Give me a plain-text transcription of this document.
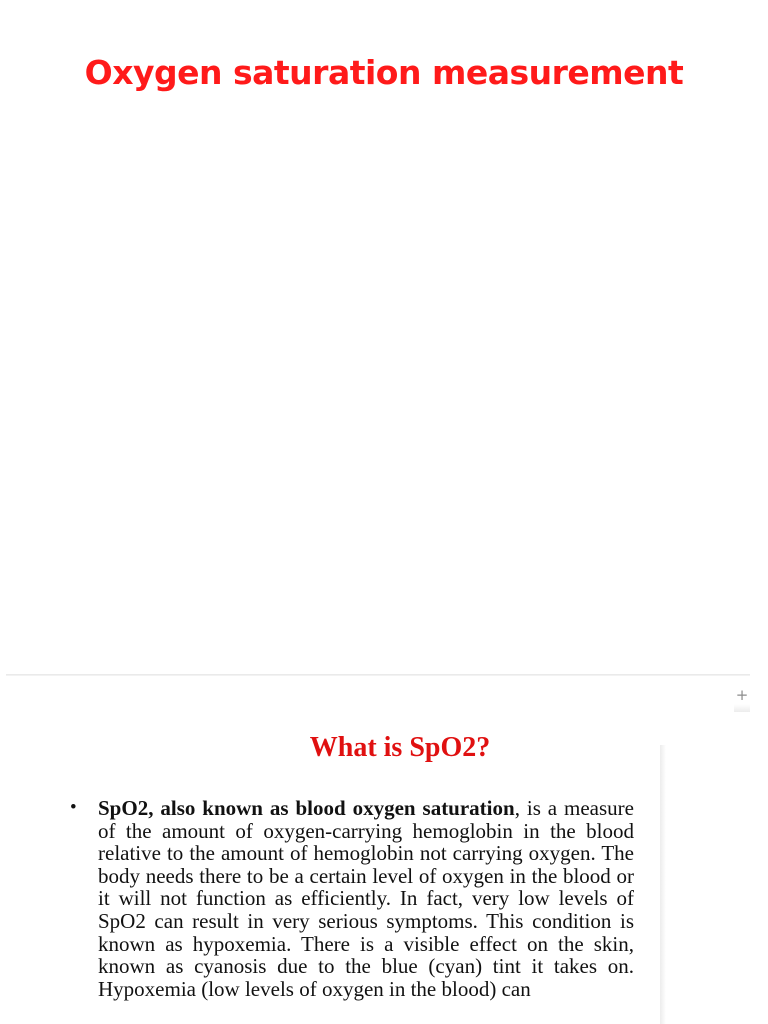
Oxygen saturation measurement
+
What is SpO2?
• SpO2, also known as blood oxygen saturation, is a measure of the amount of oxygen-carrying hemoglobin in the blood relative to the amount of hemoglobin not carrying oxygen. The body needs there to be a certain level of oxygen in the blood or it will not function as efficiently. In fact, very low levels of SpO2 can result in very serious symptoms. This condition is known as hypoxemia. There is a visible effect on the skin, known as cyanosis due to the blue (cyan) tint it takes on. Hypoxemia (low levels of oxygen in the blood) can
